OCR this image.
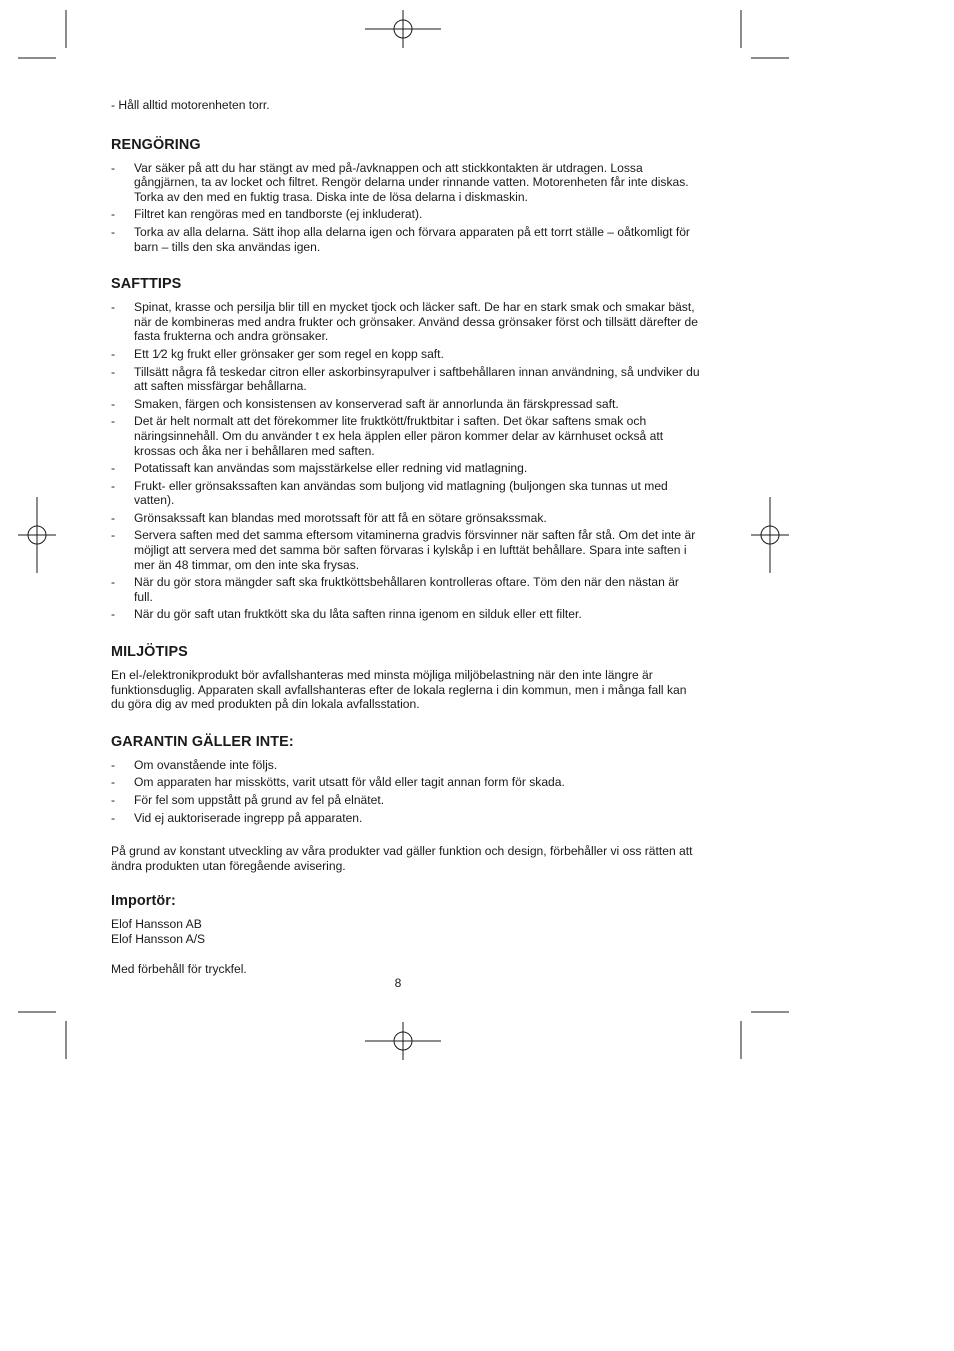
- Håll alltid motorenheten torr.

RENGÖRING
- Var säker på att du har stängt av med på-/avknappen och att stickkontakten är utdragen. Lossa gångjärnen, ta av locket och filtret. Rengör delarna under rinnande vatten. Motorenheten får inte diskas. Torka av den med en fuktig trasa. Diska inte de lösa delarna i diskmaskin.
- Filtret kan rengöras med en tandborste (ej inkluderat).
- Torka av alla delarna. Sätt ihop alla delarna igen och förvara apparaten på ett torrt ställe – oåtkomligt för barn – tills den ska användas igen.
SAFTTIPS
- Spinat, krasse och persilja blir till en mycket tjock och läcker saft. De har en stark smak och smakar bäst, när de kombineras med andra frukter och grönsaker. Använd dessa grönsaker först och tillsätt därefter de fasta frukterna och andra grönsaker.
- Ett 1⁄2 kg frukt eller grönsaker ger som regel en kopp saft.
- Tillsätt några få teskedar citron eller askorbinsyrapulver i saftbehållaren innan användning, så undviker du att saften missfärgar behållarna.
- Smaken, färgen och konsistensen av konserverad saft är annorlunda än färskpressad saft.
- Det är helt normalt att det förekommer lite fruktkött/fruktbitar i saften. Det ökar saftens smak och näringsinnehåll. Om du använder t ex hela äpplen eller päron kommer delar av kärnhuset också att krossas och åka ner i behållaren med saften.
- Potatissaft kan användas som majsstärkelse eller redning vid matlagning.
- Frukt- eller grönsakssaften kan användas som buljong vid matlagning (buljongen ska tunnas ut med vatten).
- Grönsakssaft kan blandas med morotssaft för att få en sötare grönsakssmak.
- Servera saften med det samma eftersom vitaminerna gradvis försvinner när saften får stå. Om det inte är möjligt att servera med det samma bör saften förvaras i kylskåp i en lufttät behållare. Spara inte saften i mer än 48 timmar, om den inte ska frysas.
- När du gör stora mängder saft ska fruktköttsbehållaren kontrolleras oftare. Töm den när den nästan är full.
- När du gör saft utan fruktkött ska du låta saften rinna igenom en silduk eller ett filter.
MILJÖTIPS

En el-/elektronikprodukt bör avfallshanteras med minsta möjliga miljöbelastning när den inte längre är funktionsduglig. Apparaten skall avfallshanteras efter de lokala reglerna i din kommun, men i många fall kan du göra dig av med produkten på din lokala avfallsstation.

GARANTIN GÄLLER INTE:
- Om ovanstående inte följs.
- Om apparaten har misskötts, varit utsatt för våld eller tagit annan form för skada.
- För fel som uppstått på grund av fel på elnätet.
- Vid ej auktoriserade ingrepp på apparaten.

På grund av konstant utveckling av våra produkter vad gäller funktion och design, förbehåller vi oss rätten att ändra produkten utan föregående avisering.

Importör:

Elof Hansson AB

Elof Hansson A/S

Med förbehåll för tryckfel.

8
